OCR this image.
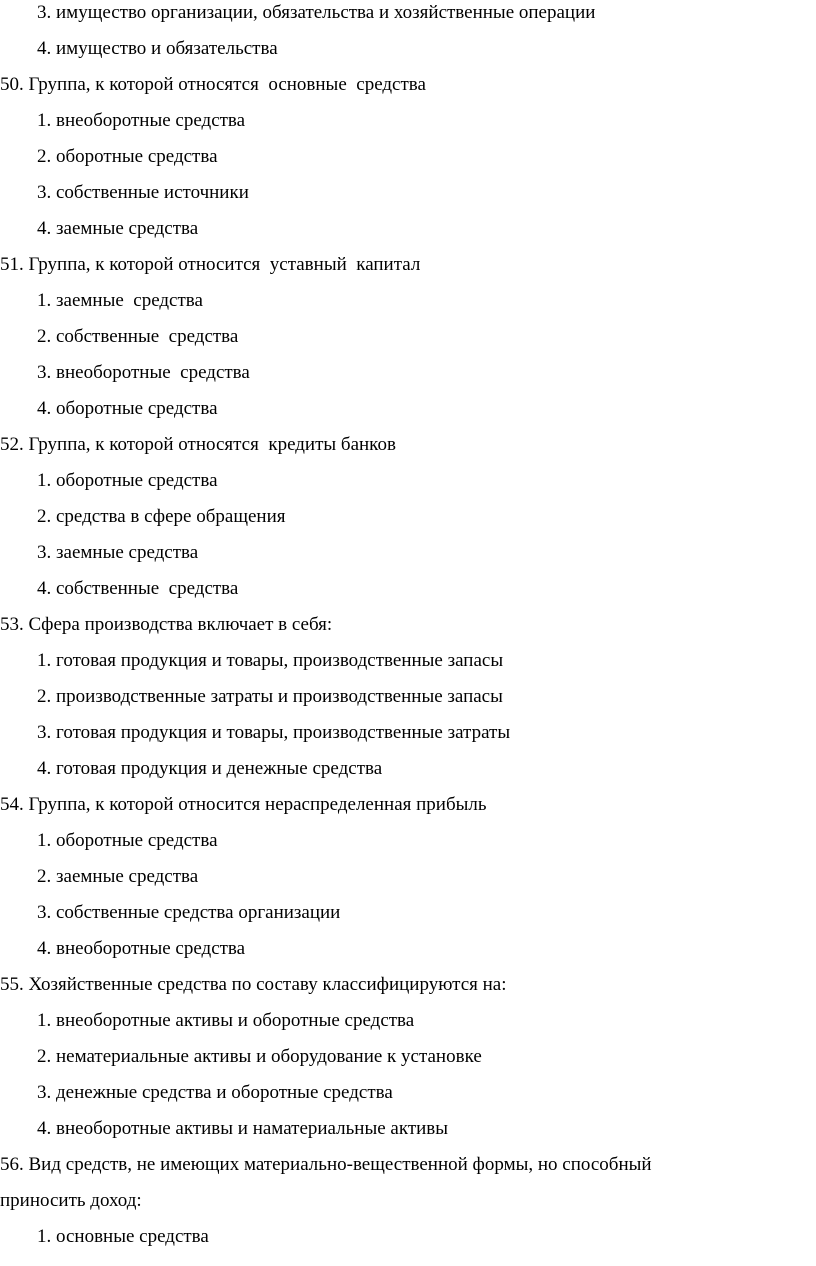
3. имущество организации, обязательства и хозяйственные операции
4. имущество и обязательства
50. Группа, к которой относятся  основные  средства
1. внеоборотные средства
2. оборотные средства
3. собственные источники
4. заемные средства
51. Группа, к которой относится  уставный  капитал
1. заемные  средства
2. собственные  средства
3. внеоборотные  средства
4. оборотные средства
52. Группа, к которой относятся  кредиты банков
1. оборотные средства
2. средства в сфере обращения
3. заемные средства
4. собственные  средства
53. Сфера производства включает в себя:
1. готовая продукция и товары, производственные запасы
2. производственные затраты и производственные запасы
3. готовая продукция и товары, производственные затраты
4. готовая продукция и денежные средства
54. Группа, к которой относится нераспределенная прибыль
1. оборотные средства
2. заемные средства
3. собственные средства организации
4. внеоборотные средства
55. Хозяйственные средства по составу классифицируются на:
1. внеоборотные активы и оборотные средства
2. нематериальные активы и оборудование к установке
3. денежные средства и оборотные средства
4. внеоборотные активы и наматериальные активы
56. Вид средств, не имеющих материально-вещественной формы, но способный
приносить доход:
1. основные средства
